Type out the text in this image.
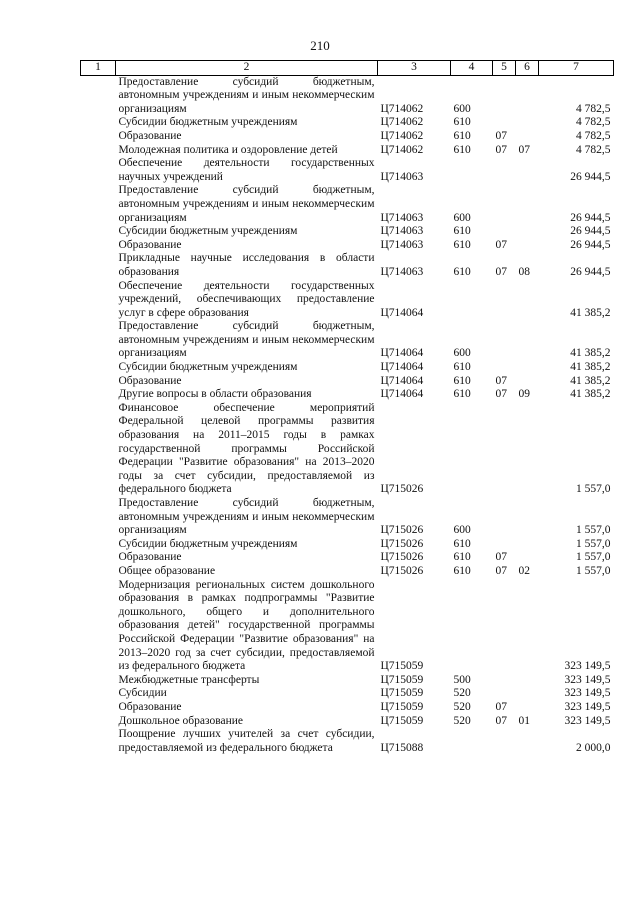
210
1	2	3	4	5	6	7
	Предоставление субсидий бюджетным, автономным учреждениям и иным некоммерческим организациям	Ц714062	600			4 782,5
	Субсидии бюджетным учреждениям	Ц714062	610			4 782,5
	Образование	Ц714062	610	07		4 782,5
	Молодежная политика и оздоровление детей	Ц714062	610	07	07	4 782,5
	Обеспечение деятельности государственных научных учреждений	Ц714063				26 944,5
	Предоставление субсидий бюджетным, автономным учреждениям и иным некоммерческим организациям	Ц714063	600			26 944,5
	Субсидии бюджетным учреждениям	Ц714063	610			26 944,5
	Образование	Ц714063	610	07		26 944,5
	Прикладные научные исследования в области образования	Ц714063	610	07	08	26 944,5
	Обеспечение деятельности государственных учреждений, обеспечивающих предоставление услуг в сфере образования	Ц714064				41 385,2
	Предоставление субсидий бюджетным, автономным учреждениям и иным некоммерческим организациям	Ц714064	600			41 385,2
	Субсидии бюджетным учреждениям	Ц714064	610			41 385,2
	Образование	Ц714064	610	07		41 385,2
	Другие вопросы в области образования	Ц714064	610	07	09	41 385,2
	Финансовое обеспечение мероприятий Федеральной целевой программы развития образования на 2011–2015 годы в рамках государственной программы Российской Федерации "Развитие образования" на 2013–2020 годы за счет субсидии, предоставляемой из федерального бюджета	Ц715026				1 557,0
	Предоставление субсидий бюджетным, автономным учреждениям и иным некоммерческим организациям	Ц715026	600			1 557,0
	Субсидии бюджетным учреждениям	Ц715026	610			1 557,0
	Образование	Ц715026	610	07		1 557,0
	Общее образование	Ц715026	610	07	02	1 557,0
	Модернизация региональных систем дошкольного образования в рамках подпрограммы "Развитие дошкольного, общего и дополнительного образования детей" государственной программы Российской Федерации "Развитие образования" на 2013–2020 год за счет субсидии, предоставляемой из федерального бюджета	Ц715059				323 149,5
	Межбюджетные трансферты	Ц715059	500			323 149,5
	Субсидии	Ц715059	520			323 149,5
	Образование	Ц715059	520	07		323 149,5
	Дошкольное образование	Ц715059	520	07	01	323 149,5
	Поощрение лучших учителей за счет субсидии, предоставляемой из федерального бюджета	Ц715088				2 000,0
